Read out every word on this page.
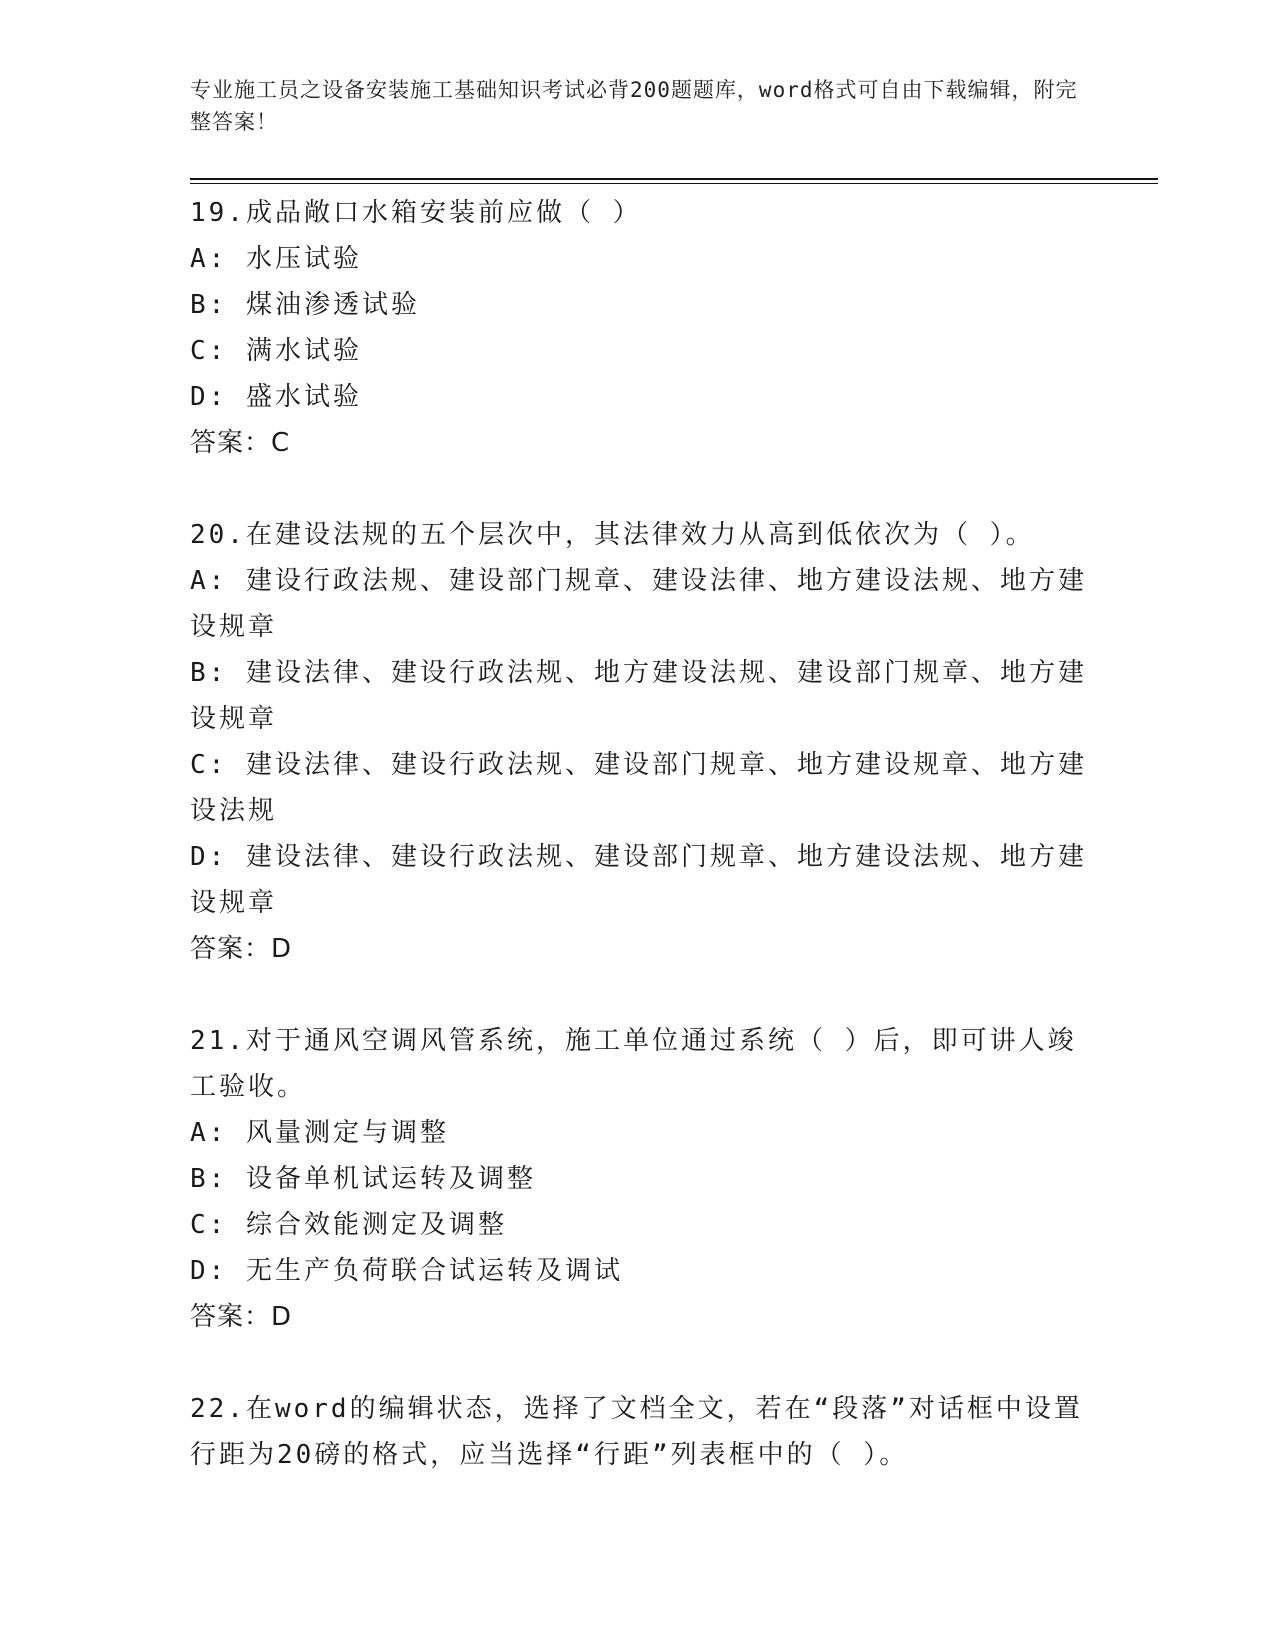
专业施工员之设备安装施工基础知识考试必背200题题库，word格式可自由下载编辑，附完整答案！
19.成品敞口水箱安装前应做（ ）
A: 水压试验
B: 煤油渗透试验
C: 满水试验
D: 盛水试验
答案：C
20.在建设法规的五个层次中，其法律效力从高到低依次为（ ）。
A: 建设行政法规、建设部门规章、建设法律、地方建设法规、地方建设规章
B: 建设法律、建设行政法规、地方建设法规、建设部门规章、地方建设规章
C: 建设法律、建设行政法规、建设部门规章、地方建设规章、地方建设法规
D: 建设法律、建设行政法规、建设部门规章、地方建设法规、地方建设规章
答案：D
21.对于通风空调风管系统，施工单位通过系统（ ）后，即可讲人竣工验收。
A: 风量测定与调整
B: 设备单机试运转及调整
C: 综合效能测定及调整
D: 无生产负荷联合试运转及调试
答案：D
22.在word的编辑状态，选择了文档全文，若在“段落”对话框中设置行距为20磅的格式，应当选择“行距”列表框中的（ ）。
